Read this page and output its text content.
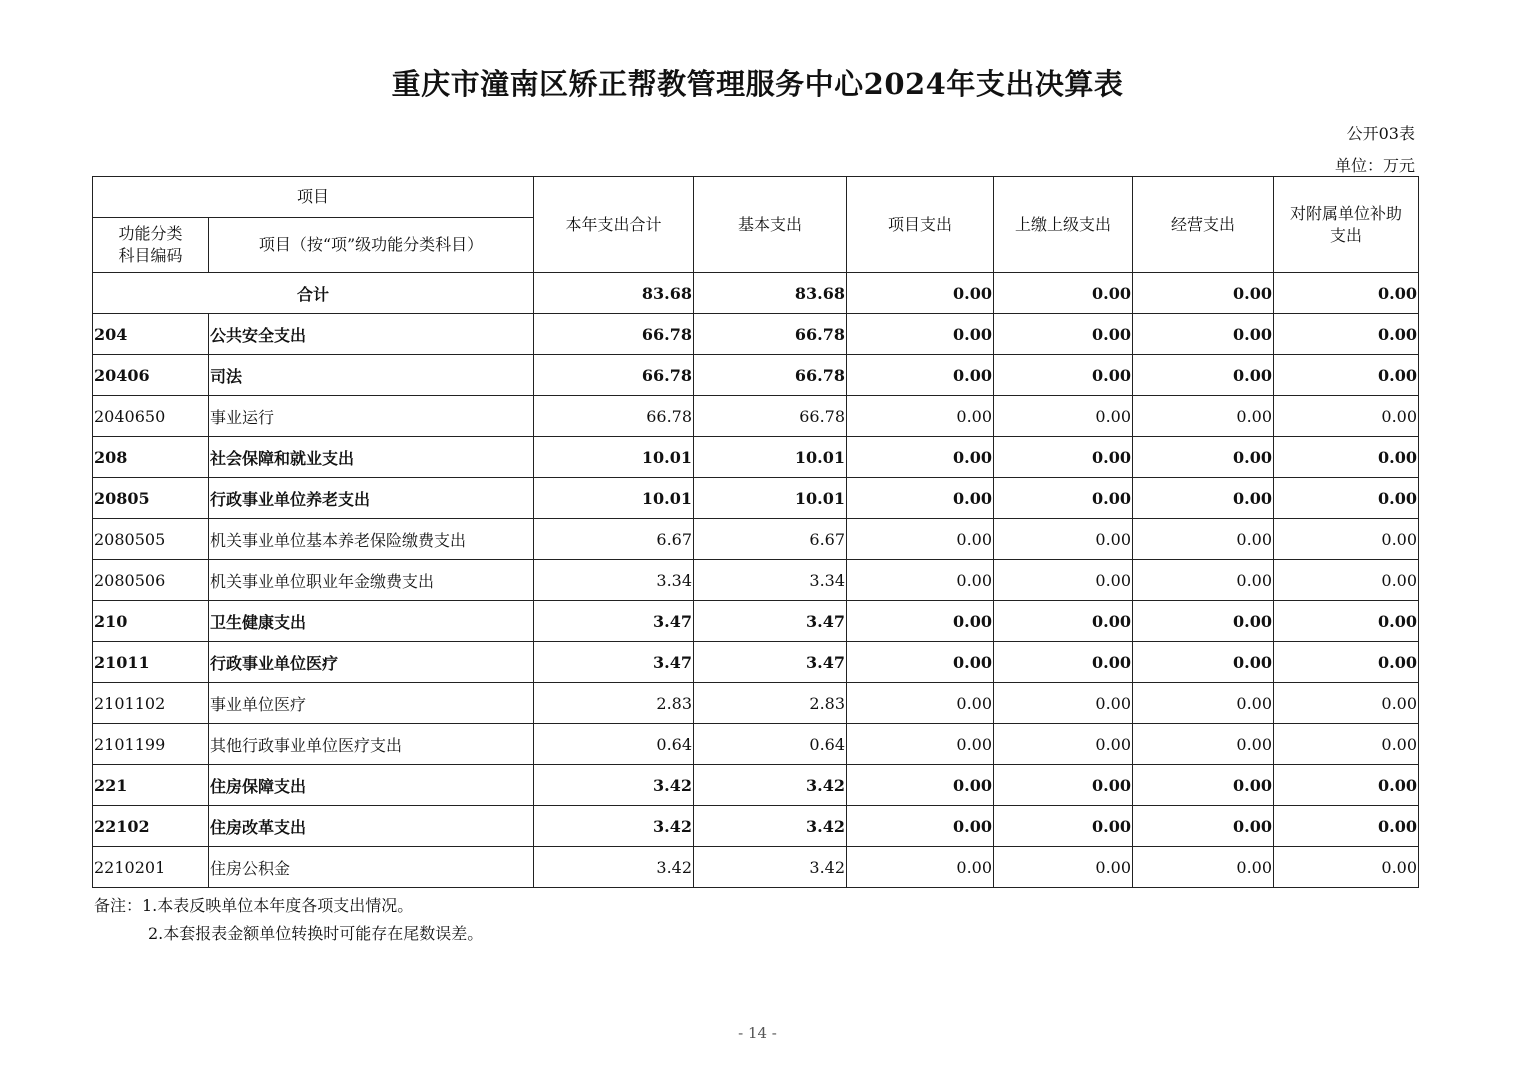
重庆市潼南区矫正帮教管理服务中心2024年支出决算表
公开03表
单位：万元
项目		本年支出合计	基本支出	项目支出	上缴上级支出	经营支出	对附属单位补助
支出
功能分类
科目编码	项目（按“项”级功能分类科目）						
合计		83.68	83.68	0.00	0.00	0.00	0.00
204	公共安全支出	66.78	66.78	0.00	0.00	0.00	0.00
20406	司法	66.78	66.78	0.00	0.00	0.00	0.00
2040650	事业运行	66.78	66.78	0.00	0.00	0.00	0.00
208	社会保障和就业支出	10.01	10.01	0.00	0.00	0.00	0.00
20805	行政事业单位养老支出	10.01	10.01	0.00	0.00	0.00	0.00
2080505	机关事业单位基本养老保险缴费支出	6.67	6.67	0.00	0.00	0.00	0.00
2080506	机关事业单位职业年金缴费支出	3.34	3.34	0.00	0.00	0.00	0.00
210	卫生健康支出	3.47	3.47	0.00	0.00	0.00	0.00
21011	行政事业单位医疗	3.47	3.47	0.00	0.00	0.00	0.00
2101102	事业单位医疗	2.83	2.83	0.00	0.00	0.00	0.00
2101199	其他行政事业单位医疗支出	0.64	0.64	0.00	0.00	0.00	0.00
221	住房保障支出	3.42	3.42	0.00	0.00	0.00	0.00
22102	住房改革支出	3.42	3.42	0.00	0.00	0.00	0.00
2210201	住房公积金	3.42	3.42	0.00	0.00	0.00	0.00
备注：1.本表反映单位本年度各项支出情况。
2.本套报表金额单位转换时可能存在尾数误差。
- 14 -
